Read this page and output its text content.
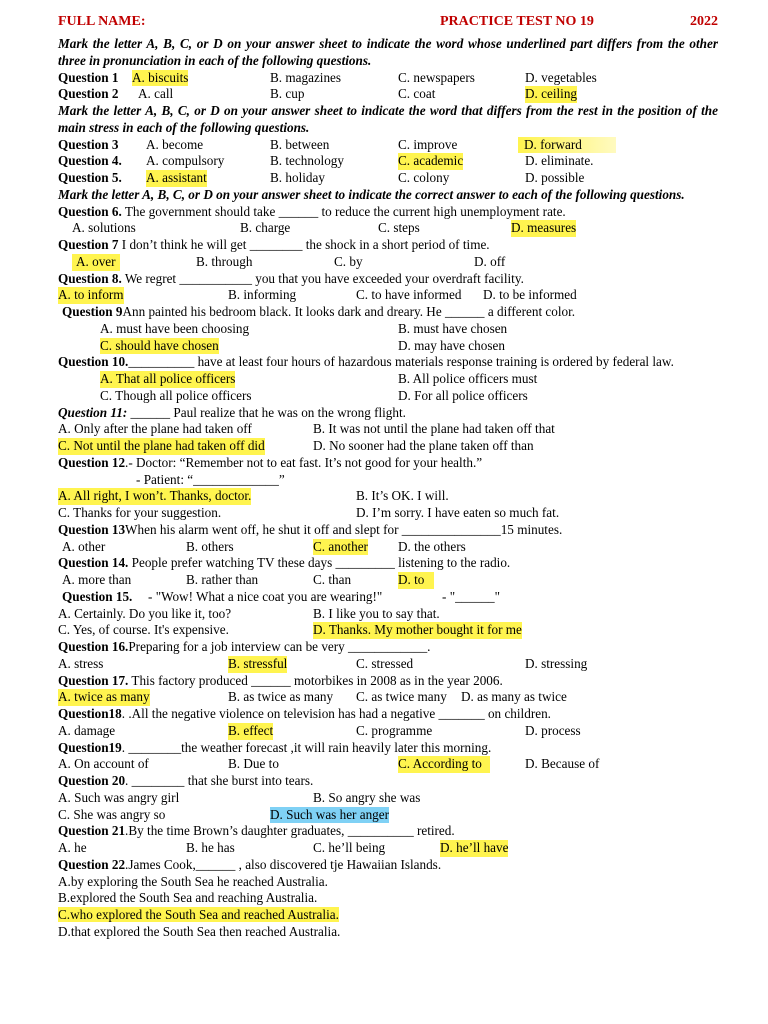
FULL NAME:	PRACTICE TEST NO 19	2022
Mark the letter A, B, C, or D on your answer sheet to indicate the word whose underlined part differs from the other three in pronunciation in each of the following questions.
Question 1 A. biscuits	B. magazines	C. newspapers	D. vegetables
Question 2 A. call	B. cup	C. coat	D. ceiling
Mark the letter A, B, C, or D on your answer sheet to indicate the word that differs from the rest in the position of the main stress in each of the following questions.
Question 3 A. become	B. between	C. improve	D. forward
Question 4. A. compulsory	B. technology	C. academic	D. eliminate.
Question 5. A. assistant	B. holiday	C. colony	D. possible
Mark the letter A, B, C, or D on your answer sheet to indicate the correct answer to each of the following questions.
Question 6. The government should take ______ to reduce the current high unemployment rate.
A. solutions	B. charge	C. steps	D. measures
Question 7 I don’t think he will get ________ the shock in a short period of time.
A. over	B. through	C. by	D. off
Question 8. We regret ___________ you that you have exceeded your overdraft facility.
A. to inform	B. informing	C. to have informed D. to be informed
Question 9Ann painted his bedroom black. It looks dark and dreary. He ______ a different color.
A. must have been choosing	B. must have chosen
C. should have chosen	D. may have chosen
Question 10.__________ have at least four hours of hazardous materials response training is ordered by federal law.
A. That all police officers	B. All police officers must
C. Though all police officers	D. For all police officers
Question 11: ______ Paul realize that he was on the wrong flight.
A. Only after the plane had taken off	B. It was not until the plane had taken off that
C. Not until the plane had taken off did	D. No sooner had the plane taken off than
Question 12.- Doctor: “Remember not to eat fast. It’s not good for your health.”
- Patient: “_____________”
A. All right, I won’t. Thanks, doctor.	B. It’s OK. I will.
C. Thanks for your suggestion.	D. I’m sorry. I have eaten so much fat.
Question 13When his alarm went off, he shut it off and slept for _______________15 minutes.
A. other	B. others	C. another D. the others
Question 14. People prefer watching TV these days _________ listening to the radio.
A. more than	B. rather than	C. than	D. to
Question 15. - "Wow! What a nice coat you are wearing!"	- "______"
A. Certainly. Do you like it, too?	B. I like you to say that.
C. Yes, of course. It's expensive.	D. Thanks. My mother bought it for me
Question 16.Preparing for a job interview can be very ____________.
A. stress	B. stressful	C. stressed	D. stressing
Question 17. This factory produced ______ motorbikes in 2008 as in the year 2006.
A. twice as many	B. as twice as many C. as twice many D. as many as twice
Question18. .All the negative violence on television has had a negative _______ on children.
A. damage	B. effect	C. programme	D. process
Question19. ________the weather forecast ,it will rain heavily later this morning.
A. On account of	B. Due to	C. According to	D. Because of
Question 20. ________ that she burst into tears.
A. Such was angry girl	B. So angry she was
C. She was angry so	D. Such was her anger
Question 21.By the time Brown’s daughter graduates, __________ retired.
A. he	B. he has	C. he’ll being	D. he’ll have
Question 22.James Cook,______ , also discovered tje Hawaiian Islands.
A.by exploring the South Sea he reached Australia.
B.explored the South Sea and reaching Australia.
C.who explored the South Sea and reached Australia.
D.that explored the South Sea then reached Australia.
